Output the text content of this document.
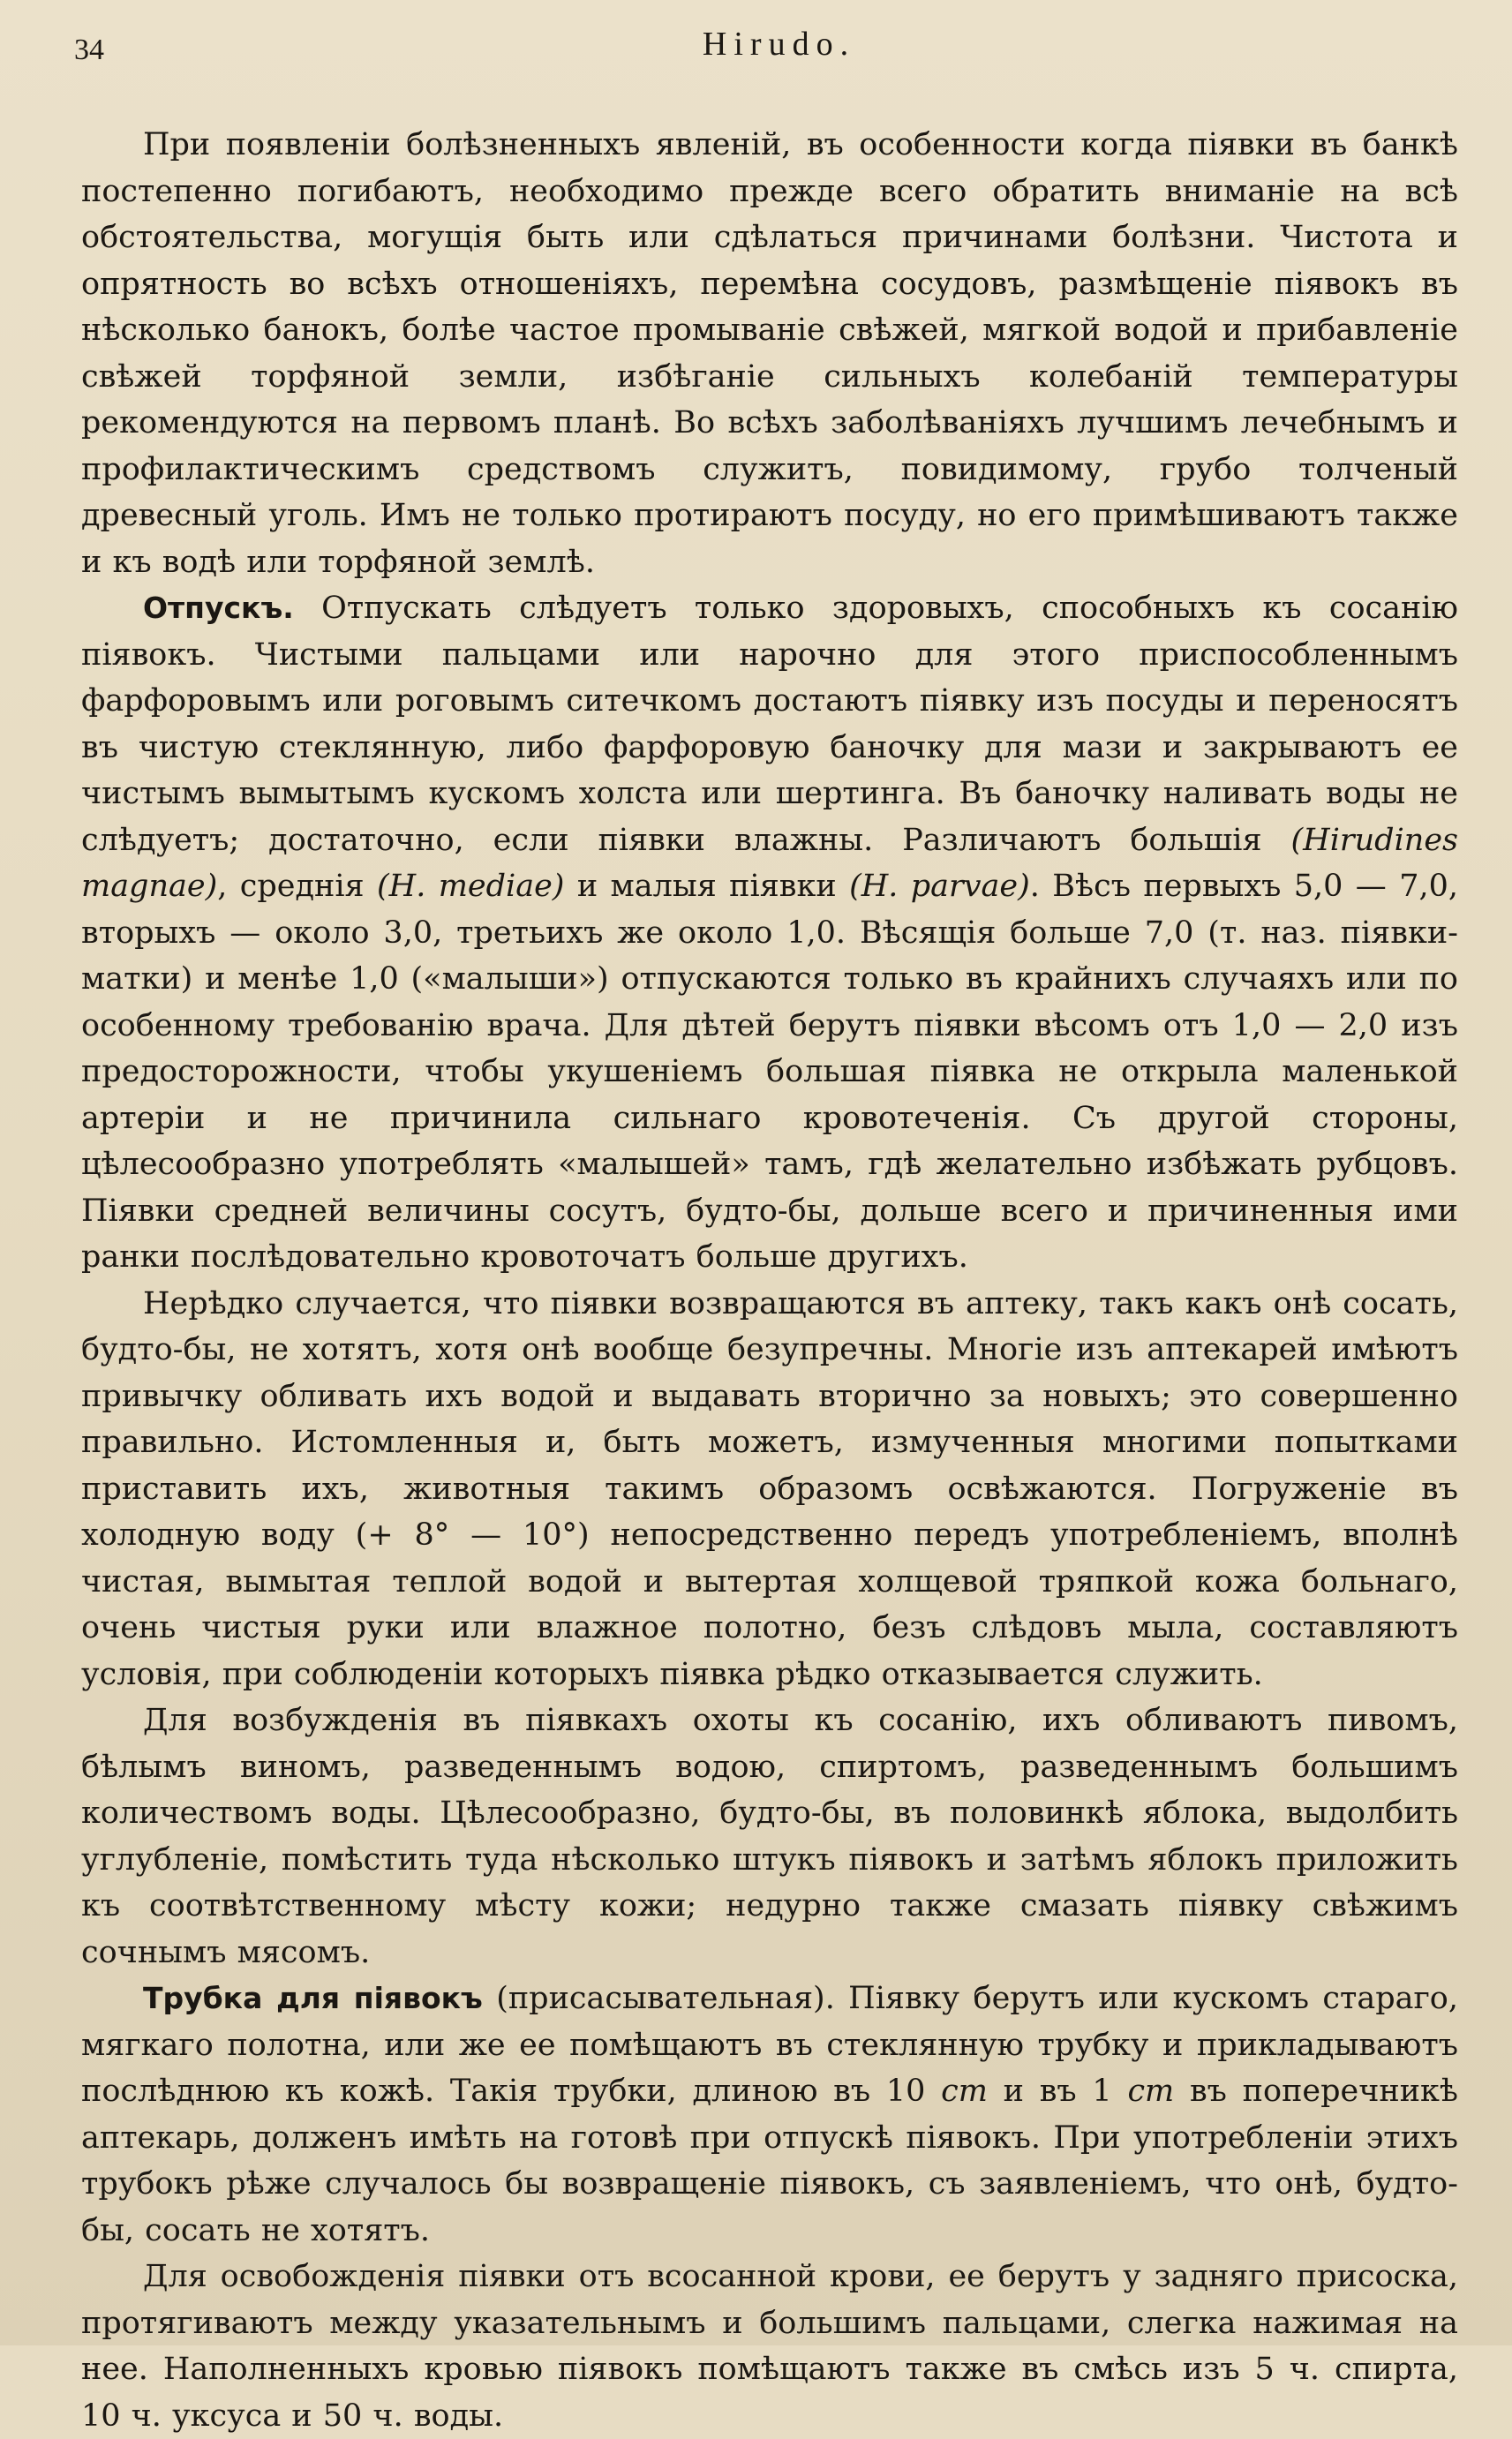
34	Hirudo.

При появленіи болѣзненныхъ явленій, въ особенности когда піявки въ банкѣ постепенно погибаютъ, необходимо прежде всего обратить вниманіе на всѣ обстоятельства, могущія быть или сдѣлаться причинами болѣзни. Чистота и опрятность во всѣхъ отношеніяхъ, перемѣна сосудовъ, размѣщеніе піявокъ въ нѣсколько банокъ, болѣе частое промываніе свѣжей, мягкой водой и прибавленіе свѣжей торфяной земли, избѣганіе сильныхъ колебаній температуры рекомендуются на первомъ планѣ. Во всѣхъ заболѣваніяхъ лучшимъ лечебнымъ и профилактическимъ средствомъ служитъ, повидимому, грубо толченый древесный уголь. Имъ не только протираютъ посуду, но его примѣшиваютъ также и къ водѣ или торфяной землѣ.

Отпускъ. Отпускать слѣдуетъ только здоровыхъ, способныхъ къ сосанію піявокъ. Чистыми пальцами или нарочно для этого приспособленнымъ фарфоровымъ или роговымъ ситечкомъ достаютъ піявку изъ посуды и переносятъ въ чистую стеклянную, либо фарфоровую баночку для мази и закрываютъ ее чистымъ вымытымъ кускомъ холста или шертинга. Въ баночку наливать воды не слѣдуетъ; достаточно, если піявки влажны. Различаютъ большія (Hirudines magnae), среднія (H. mediae) и малыя піявки (H. parvae). Вѣсъ первыхъ 5,0 — 7,0, вторыхъ — около 3,0, третьихъ же около 1,0. Вѣсящія больше 7,0 (т. наз. піявки-матки) и менѣе 1,0 («малыши») отпускаются только въ крайнихъ случаяхъ или по особенному требованію врача. Для дѣтей берутъ піявки вѣсомъ отъ 1,0 — 2,0 изъ предосторожности, чтобы укушеніемъ большая піявка не открыла маленькой артеріи и не причинила сильнаго кровотеченія. Съ другой стороны, цѣлесообразно употреблять «малышей» тамъ, гдѣ желательно избѣжать рубцовъ. Піявки средней величины сосутъ, будто-бы, дольше всего и причиненныя ими ранки послѣдовательно кровоточатъ больше другихъ.

Нерѣдко случается, что піявки возвращаются въ аптеку, такъ какъ онѣ сосать, будто-бы, не хотятъ, хотя онѣ вообще безупречны. Многіе изъ аптекарей имѣютъ привычку обливать ихъ водой и выдавать вторично за новыхъ; это совершенно правильно. Истомленныя и, быть можетъ, измученныя многими попытками приставить ихъ, животныя такимъ образомъ освѣжаются. Погруженіе въ холодную воду (+ 8° — 10°) непосредственно передъ употребленіемъ, вполнѣ чистая, вымытая теплой водой и вытертая холщевой тряпкой кожа больнаго, очень чистыя руки или влажное полотно, безъ слѣдовъ мыла, составляютъ условія, при соблюденіи которыхъ піявка рѣдко отказывается служить.

Для возбужденія въ піявкахъ охоты къ сосанію, ихъ обливаютъ пивомъ, бѣлымъ виномъ, разведеннымъ водою, спиртомъ, разведеннымъ большимъ количествомъ воды. Цѣлесообразно, будто-бы, въ половинкѣ яблока, выдолбить углубленіе, помѣстить туда нѣсколько штукъ піявокъ и затѣмъ яблокъ приложить къ соотвѣтственному мѣсту кожи; недурно также смазать піявку свѣжимъ сочнымъ мясомъ.

Трубка для піявокъ (присасывательная). Піявку берутъ или кускомъ стараго, мягкаго полотна, или же ее помѣщаютъ въ стеклянную трубку и прикладываютъ послѣднюю къ кожѣ. Такія трубки, длиною въ 10 cm и въ 1 cm въ поперечникѣ аптекарь, долженъ имѣть на готовѣ при отпускѣ піявокъ. При употребленіи этихъ трубокъ рѣже случалось бы возвращеніе піявокъ, съ заявленіемъ, что онѣ, будто-бы, сосать не хотятъ.

Для освобожденія піявки отъ всосанной крови, ее берутъ у задняго присоска, протягиваютъ между указательнымъ и большимъ пальцами, слегка нажимая на нее. Наполненныхъ кровью піявокъ помѣщаютъ также въ смѣсь изъ 5 ч. спирта, 10 ч. уксуса и 50 ч. воды.
